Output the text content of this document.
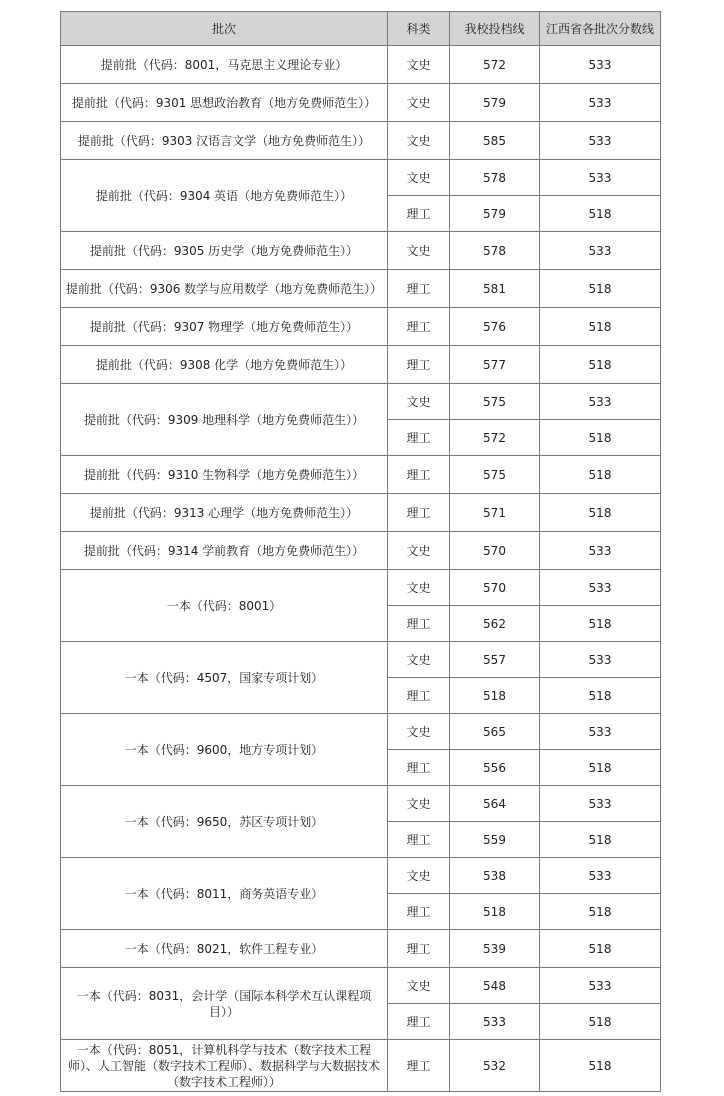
批次	科类	我校投档线	江西省各批次分数线
提前批（代码：8001，马克思主义理论专业）	文史	572	533
提前批（代码：9301 思想政治教育（地方免费师范生））	文史	579	533
提前批（代码：9303 汉语言文学（地方免费师范生））	文史	585	533
提前批（代码：9304 英语（地方免费师范生））	文史	578	533
	理工	579	518
提前批（代码：9305 历史学（地方免费师范生））	文史	578	533
提前批（代码：9306 数学与应用数学（地方免费师范生））	理工	581	518
提前批（代码：9307 物理学（地方免费师范生））	理工	576	518
提前批（代码：9308 化学（地方免费师范生））	理工	577	518
提前批（代码：9309 地理科学（地方免费师范生））	文史	575	533
	理工	572	518
提前批（代码：9310 生物科学（地方免费师范生））	理工	575	518
提前批（代码：9313 心理学（地方免费师范生））	理工	571	518
提前批（代码：9314 学前教育（地方免费师范生））	文史	570	533
一本（代码：8001）	文史	570	533
	理工	562	518
一本（代码：4507，国家专项计划）	文史	557	533
	理工	518	518
一本（代码：9600，地方专项计划）	文史	565	533
	理工	556	518
一本（代码：9650，苏区专项计划）	文史	564	533
	理工	559	518
一本（代码：8011，商务英语专业）	文史	538	533
	理工	518	518
一本（代码：8021，软件工程专业）	理工	539	518
一本（代码：8031，会计学（国际本科学术互认课程项目））	文史	548	533
	理工	533	518
一本（代码：8051，计算机科学与技术（数字技术工程师）、人工智能（数字技术工程师）、数据科学与大数据技术（数字技术工程师））	理工	532	518
